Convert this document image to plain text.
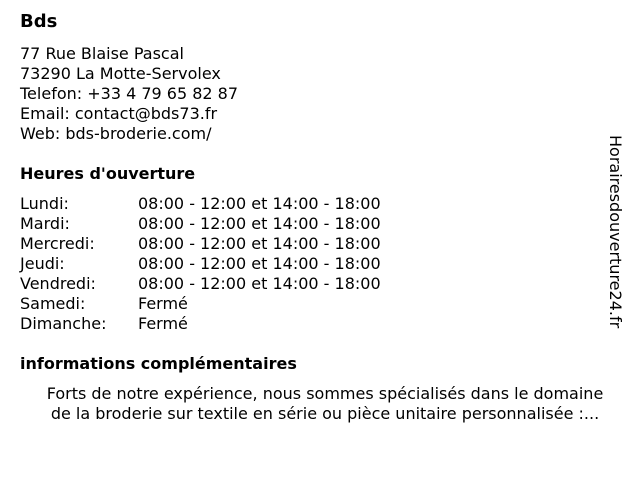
Bds
77 Rue Blaise Pascal
73290 La Motte-Servolex
Telefon: +33 4 79 65 82 87
Email: contact@bds73.fr
Web: bds-broderie.com/
Heures d'ouverture
Lundi:	08:00 - 12:00 et 14:00 - 18:00
Mardi:	08:00 - 12:00 et 14:00 - 18:00
Mercredi:	08:00 - 12:00 et 14:00 - 18:00
Jeudi:	08:00 - 12:00 et 14:00 - 18:00
Vendredi:	08:00 - 12:00 et 14:00 - 18:00
Samedi:	Fermé
Dimanche:	Fermé
informations complémentaires
Forts de notre expérience, nous sommes spécialisés dans le domaine
de la broderie sur textile en série ou pièce unitaire personnalisée :...
Horairesdouverture24.fr
